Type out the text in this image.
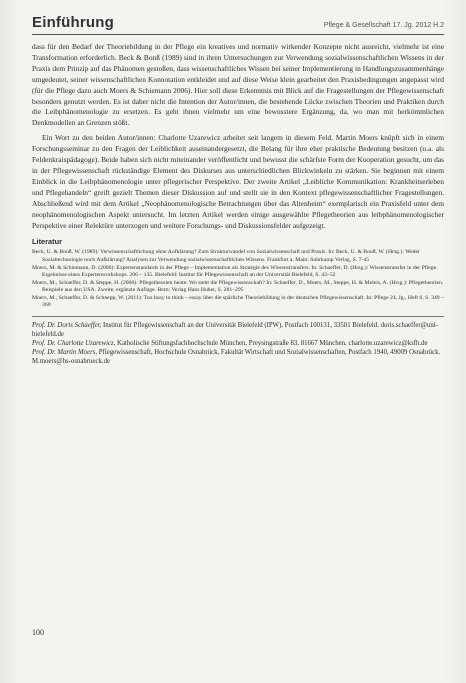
Einführung	Pflege & Gesellschaft 17. Jg. 2012 H.2

dass für den Bedarf der Theoriebildung in der Pflege ein kreatives und normativ wirkender Konzepte nicht ausreicht, vielmehr ist eine Transformation erforderlich. Beck & Bonß (1989) sind in ihren Untersuchungen zur Verwendung sozialwissenschaftlichen Wissens in der Praxis dem Prinzip auf das Phänomen gestoßen, dass wissenschaftliches Wissen bei seiner Implementierung in Handlungszusammenhänge umgedeutet, seiner wissenschaftlichen Konnotation entkleidet und auf diese Weise klein gearbeitet den Praxisbedingungen angepasst wird (für die Pflege dazu auch Moers & Schiemann 2006). Hier soll diese Erkenntnis mit Blick auf die Fragestellungen der Pflegewissenschaft besonders genutzt werden. Es ist daher nicht die Intention der Autor/innen, die bestehende Lücke zwischen Theorien und Praktiken durch die Leibphänomenologie zu ersetzen. Es geht ihnen vielmehr um eine bewusstere Ergänzung, da, wo man mit herkömmlichen Denkmodellen an Grenzen stößt.

Ein Wort zu den beiden Autor/innen: Charlotte Uzarewicz arbeitet seit langem in diesem Feld. Martin Moers knüpft sich in einem Forschungsseminar zu den Fragen der Leiblichkeit auseinandergesetzt, die Belang für ihre eher praktische Bedeutung besitzen (u.a. als Feldenkraispädagoge). Beide haben sich nicht miteinander veröffentlicht und bewusst die schärfste Form der Kooperation gesucht, um das in der Pflegewissenschaft rückständige Element des Diskurses aus unterschiedlichen Blickwinkeln zu stärken. Sie beginnen mit einem Einblick in die Leibphänomenologie unter pflegerischer Perspektive. Der zweite Artikel „Leibliche Kommunikation: Krankheitserleben und Pflegehandeln“ greift gezielt Themen dieser Diskussion auf und stellt sie in den Kontext pflegewissenschaftlicher Fragestellungen. Abschließend wird mit dem Artikel „Neophänomenologische Betrachtungen über das Altenheim“ exemplarisch ein Praxisfeld unter dem neophänomenologischen Aspekt untersucht. Im letzten Artikel werden einige ausgewählte Pflegetheorien aus leibphänomenologischer Perspektive einer Relektüre unterzogen und weitere Forschungs- und Diskussionsfelder aufgezeigt.

Literatur

Beck, U. & Bonß, W. (1989): Verwissenschaftlichung ohne Aufklärung? Zum Strukturwandel von Sozialwissenschaft und Praxis. In: Beck, U. & Bonß, W. (Hrsg.): Weder Sozialtechnologie noch Aufklärung? Analysen zur Verwendung sozialwissenschaftlichen Wissens. Frankfurt a. Main: Suhrkamp Verlag, S. 7-45

Moers, M. & Schiemann, D. (2006): Expertenstandards in der Pflege – Implementation als Strategie des Wissenstransfers. In: Schaeffer, D. (Hrsg.): Wissenstransfer in der Pflege. Ergebnisse eines Expertenworkshops. 206 – 135. Bielefeld: Institut für Pflegewissenschaft an der Universität Bielefeld, S. 43–52

Moers, M., Schaeffer, D. & Steppe, H. (2000): Pflegetheorien heute: Wo steht die Pflegewissenschaft? In: Schaeffer, D., Moers, M., Steppe, H. & Meleis, A. (Hrsg.): Pflegetheorien. Beispiele aus den USA. Zweite, ergänzte Auflage. Bern: Verlag Hans Huber, S. 281–295

Moers, M., Schaeffer, D. & Schnepp, W. (2011): Too busy to think – essay über die spärliche Theoriebildung in der deutschen Pflegewissenschaft. In: Pflege 24, Jg., Heft 6, S. 349 – 360

Prof. Dr. Doris Schaeffer, Institut für Pflegewissenschaft an der Universität Bielefeld (IPW), Postfach 100131, 33501 Bielefeld. doris.schaeffer@uni-bielefeld.de

Prof. Dr. Charlotte Uzarewicz, Katholische Stiftungsfachhochschule München, Preysingstraße 83, 81667 München. charlotte.uzarewicz@ksfh.de

Prof. Dr. Martin Moers, Pflegewissenschaft, Hochschule Osnabrück, Fakultät Wirtschaft und Sozialwissenschaften, Postfach 1940, 49009 Osnabrück. M.moers@hs-osnabrueck.de

100
